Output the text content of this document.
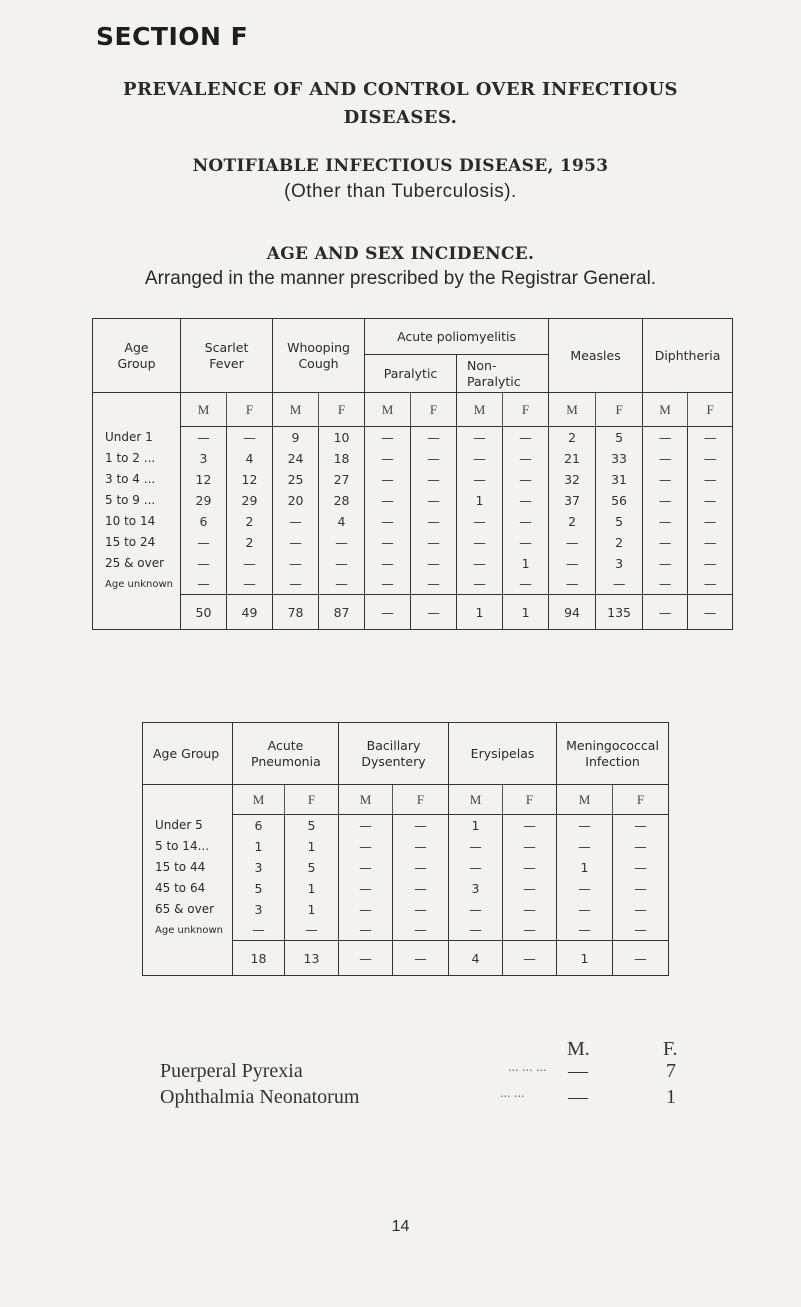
SECTION F
PREVALENCE OF AND CONTROL OVER INFECTIOUS
DISEASES.
NOTIFIABLE INFECTIOUS DISEASE, 1953
(Other than Tuberculosis).
AGE AND SEX INCIDENCE.
Arranged in the manner prescribed by the Registrar General.
Age Group	Scarlet Fever		Whooping Cough		Acute poliomyelitis				Measles		Diphtheria	
					Paralytic		Non-Paralytic					
	M	F	M	F	M	F	M	F	M	F	M	F
Under 1	—	—	9	10	—	—	—	—	2	5	—	—
1 to 2 ...	3	4	24	18	—	—	—	—	21	33	—	—
3 to 4 ...	12	12	25	27	—	—	—	—	32	31	—	—
5 to 9 ...	29	29	20	28	—	—	1	—	37	56	—	—
10 to 14	6	2	—	4	—	—	—	—	2	5	—	—
15 to 24	—	2	—	—	—	—	—	—	—	2	—	—
25 & over	—	—	—	—	—	—	—	1	—	3	—	—
Age unknown	—	—	—	—	—	—	—	—	—	—	—	—
	50	49	78	87	—	—	1	1	94	135	—	—
Age Group	Acute Pneumonia		Bacillary Dysentery		Erysipelas		Meningococcal Infection	
	M	F	M	F	M	F	M	F
Under 5	6	5	—	—	1	—	—	—
5 to 14...	1	1	—	—	—	—	—	—
15 to 44	3	5	—	—	—	—	1	—
45 to 64	5	1	—	—	3	—	—	—
65 & over	3	1	—	—	—	—	—	—
Age unknown	—	—	—	—	—	—	—	—
	18	13	—	—	4	—	1	—
M.	F.
Puerperal Pyrexia	... ... ... —	7
Ophthalmia Neonatorum	... ... —	1
14
